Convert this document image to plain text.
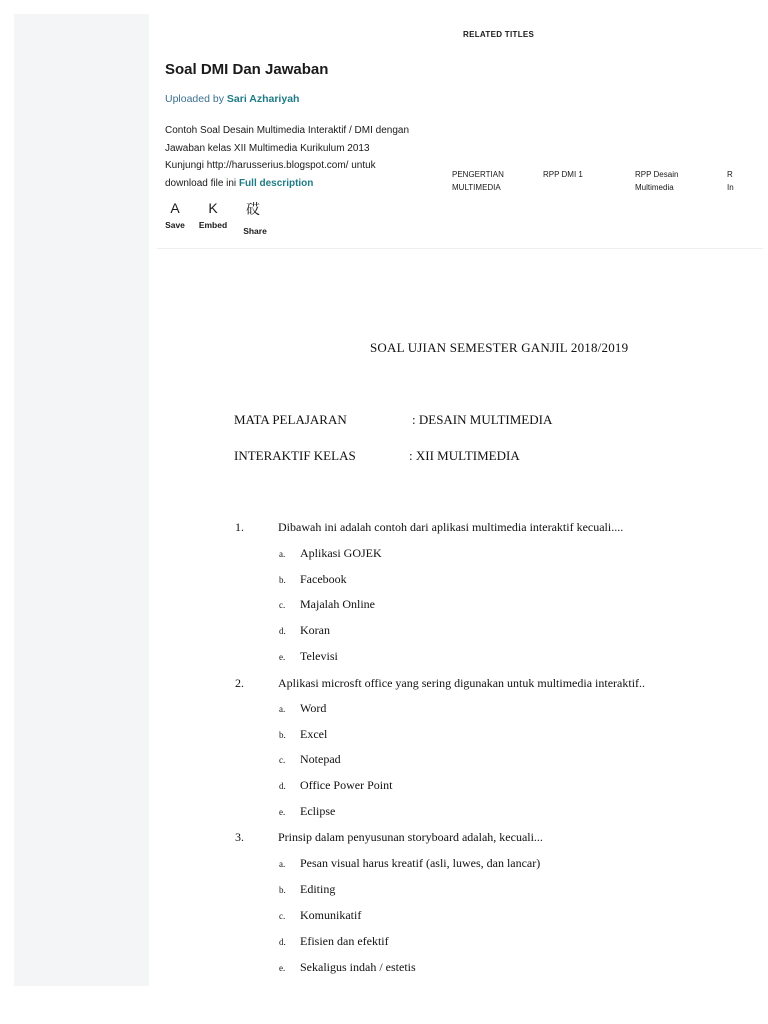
Soal DMI Dan Jawaban
Uploaded by Sari Azhariyah
Contoh Soal Desain Multimedia Interaktif / DMI dengan
Jawaban kelas XII Multimedia Kurikulum 2013
Kunjungi http://harusserius.blogspot.com/ untuk
download file ini Full description
A
Save
K
Embed
砹
Share
RELATED TITLES
PENGERTIAN
MULTIMEDIA
RPP DMI 1	RPP Desain
Multimedia
R
In
SOAL UJIAN SEMESTER GANJIL 2018/2019
MATA PELAJARAN	: DESAIN MULTIMEDIA
INTERAKTIF KELAS	: XII MULTIMEDIA
1.	Dibawah ini adalah contoh dari aplikasi multimedia interaktif kecuali....
a. Aplikasi GOJEK
b. Facebook
c. Majalah Online
d. Koran
e. Televisi
2.	Aplikasi microsft office yang sering digunakan untuk multimedia interaktif..
a. Word
b. Excel
c. Notepad
d. Office Power Point
e. Eclipse
3.	Prinsip dalam penyusunan storyboard adalah, kecuali...
a. Pesan visual harus kreatif (asli, luwes, dan lancar)
b. Editing
c. Komunikatif
d. Efisien dan efektif
e. Sekaligus indah / estetis
